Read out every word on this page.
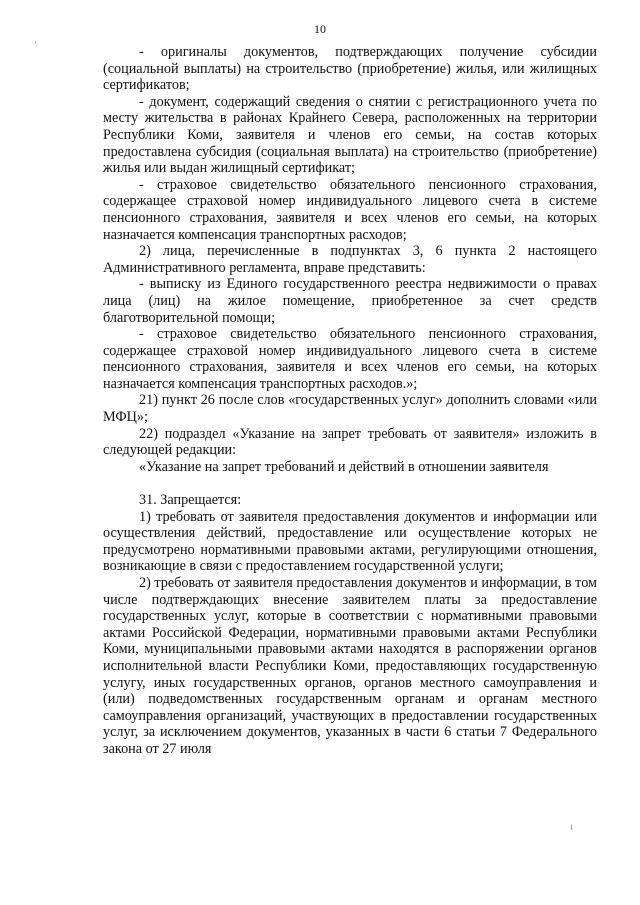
10

- оригиналы документов, подтверждающих получение субсидии (социальной выплаты) на строительство (приобретение) жилья, или жилищных сертификатов;

- документ, содержащий сведения о снятии с регистрационного учета по месту жительства в районах Крайнего Севера, расположенных на территории Республики Коми, заявителя и членов его семьи, на состав которых предоставлена субсидия (социальная выплата) на строительство (приобретение) жилья или выдан жилищный сертификат;

- страховое свидетельство обязательного пенсионного страхования, содержащее страховой номер индивидуального лицевого счета в системе пенсионного страхования, заявителя и всех членов его семьи, на которых назначается компенсация транспортных расходов;

2) лица, перечисленные в подпунктах 3, 6 пункта 2 настоящего Административного регламента, вправе представить:

- выписку из Единого государственного реестра недвижимости о правах лица (лиц) на жилое помещение, приобретенное за счет средств благотворительной помощи;

- страховое свидетельство обязательного пенсионного страхования, содержащее страховой номер индивидуального лицевого счета в системе пенсионного страхования, заявителя и всех членов его семьи, на которых назначается компенсация транспортных расходов.»;

21) пункт 26 после слов «государственных услуг» дополнить словами «или МФЦ»;

22) подраздел «Указание на запрет требовать от заявителя» изложить в следующей редакции:

«Указание на запрет требований и действий в отношении заявителя

31. Запрещается:

1) требовать от заявителя предоставления документов и информации или осуществления действий, предоставление или осуществление которых не предусмотрено нормативными правовыми актами, регулирующими отношения, возникающие в связи с предоставлением государственной услуги;

2) требовать от заявителя предоставления документов и информации, в том числе подтверждающих внесение заявителем платы за предоставление государственных услуг, которые в соответствии с нормативными правовыми актами Российской Федерации, нормативными правовыми актами Республики Коми, муниципальными правовыми актами находятся в распоряжении органов исполнительной власти Республики Коми, предоставляющих государственную услугу, иных государственных органов, органов местного самоуправления и (или) подведомственных государственным органам и органам местного самоуправления организаций, участвующих в предоставлении государственных услуг, за исключением документов, указанных в части 6 статьи 7 Федерального закона от 27 июля

·
ı
